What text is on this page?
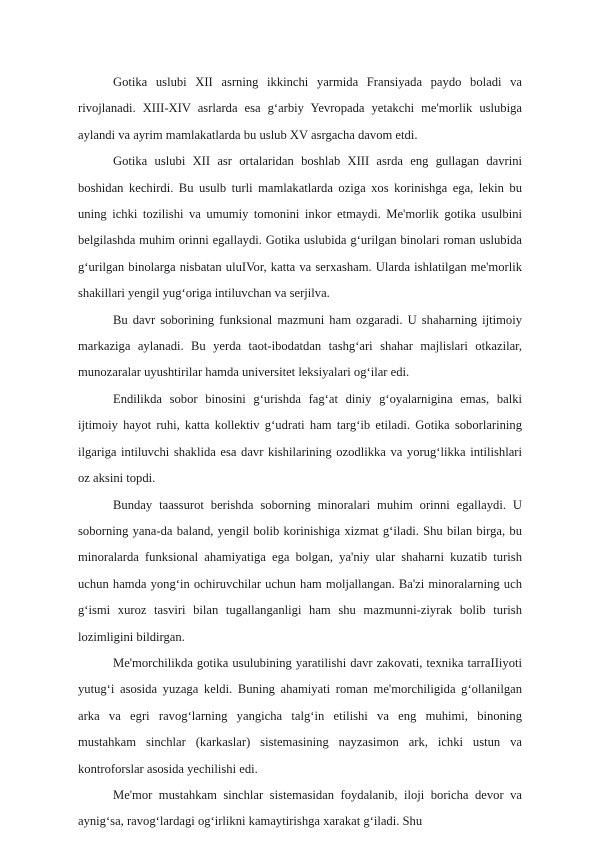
Gotika uslubi XII asrning ikkinchi yarmida Fransiyada paydo boladi va rivojlanadi. XIII-XIV asrlarda esa g‘arbiy Yevropada yetakchi me'morlik uslubiga aylandi va ayrim mamlakatlarda bu uslub XV asrgacha davom etdi.

Gotika uslubi XII asr ortalaridan boshlab XIII asrda eng gullagan davrini boshidan kechirdi. Bu usulb turli mamlakatlarda oziga xos korinishga ega, lekin bu uning ichki tozilishi va umumiy tomonini inkor etmaydi. Me'morlik gotika usulbini belgilashda muhim orinni egallaydi. Gotika uslubida g‘urilgan binolari roman uslubida g‘urilgan binolarga nisbatan uluIVor, katta va serxasham. Ularda ishlatilgan me'morlik shakillari yengil yug‘origa intiluvchan va serjilva.

Bu davr soborining funksional mazmuni ham ozgaradi. U shaharning ijtimoiy markaziga aylanadi. Bu yerda taot-ibodatdan tashg‘ari shahar majlislari otkazilar, munozaralar uyushtirilar hamda universitet leksiyalari og‘ilar edi.

Endilikda sobor binosini g‘urishda fag‘at diniy g‘oyalarnigina emas, balki ijtimoiy hayot ruhi, katta kollektiv g‘udrati ham targ‘ib etiladi. Gotika soborlarining ilgariga intiluvchi shaklida esa davr kishilarining ozodlikka va yorug‘likka intilishlari oz aksini topdi.

Bunday taassurot berishda soborning minoralari muhim orinni egallaydi. U soborning yana-da baland, yengil bolib korinishiga xizmat g‘iladi. Shu bilan birga, bu minoralarda funksional ahamiyatiga ega bolgan, ya'niy ular shaharni kuzatib turish uchun hamda yong‘in ochiruvchilar uchun ham moljallangan. Ba'zi minoralarning uch g‘ismi xuroz tasviri bilan tugallanganligi ham shu mazmunni-ziyrak bolib turish lozimligini bildirgan.

Me'morchilikda gotika usulubining yaratilishi davr zakovati, texnika tarraIIiyoti yutug‘i asosida yuzaga keldi. Buning ahamiyati roman me'morchiligida g‘ollanilgan arka va egri ravog‘larning yangicha talg‘in etilishi va eng muhimi, binoning mustahkam sinchlar (karkaslar) sistemasining nayzasimon ark, ichki ustun va kontroforslar asosida yechilishi edi.

Me'mor mustahkam sinchlar sistemasidan foydalanib, iloji boricha devor va aynig‘sa, ravog‘lardagi og‘irlikni kamaytirishga xarakat g‘iladi. Shu
